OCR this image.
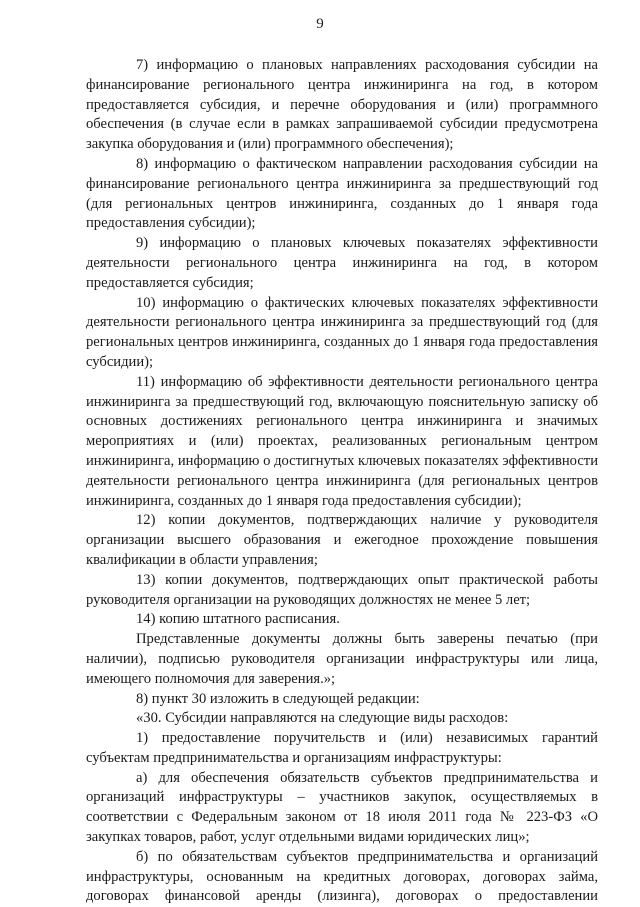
9

7) информацию о плановых направлениях расходования субсидии на финансирование регионального центра инжиниринга на год, в котором предоставляется субсидия, и перечне оборудования и (или) программного обеспечения (в случае если в рамках запрашиваемой субсидии предусмотрена закупка оборудования и (или) программного обеспечения);

8) информацию о фактическом направлении расходования субсидии на финансирование регионального центра инжиниринга за предшествующий год (для региональных центров инжиниринга, созданных до 1 января года предоставления субсидии);

9) информацию о плановых ключевых показателях эффективности деятельности регионального центра инжиниринга на год, в котором предоставляется субсидия;

10) информацию о фактических ключевых показателях эффективности деятельности регионального центра инжиниринга за предшествующий год (для региональных центров инжиниринга, созданных до 1 января года предоставления субсидии);

11) информацию об эффективности деятельности регионального центра инжиниринга за предшествующий год, включающую пояснительную записку об основных достижениях регионального центра инжиниринга и значимых мероприятиях и (или) проектах, реализованных региональным центром инжиниринга, информацию о достигнутых ключевых показателях эффективности деятельности регионального центра инжиниринга (для региональных центров инжиниринга, созданных до 1 января года предоставления субсидии);

12) копии документов, подтверждающих наличие у руководителя организации высшего образования и ежегодное прохождение повышения квалификации в области управления;

13) копии документов, подтверждающих опыт практической работы руководителя организации на руководящих должностях не менее 5 лет;

14) копию штатного расписания.

Представленные документы должны быть заверены печатью (при наличии), подписью руководителя организации инфраструктуры или лица, имеющего полномочия для заверения.»;

8) пункт 30 изложить в следующей редакции:

«30. Субсидии направляются на следующие виды расходов:

1) предоставление поручительств и (или) независимых гарантий субъектам предпринимательства и организациям инфраструктуры:

а) для обеспечения обязательств субъектов предпринимательства и организаций инфраструктуры – участников закупок, осуществляемых в соответствии с Федеральным законом от 18 июля 2011 года № 223-ФЗ «О закупках товаров, работ, услуг отдельными видами юридических лиц»;

б) по обязательствам субъектов предпринимательства и организаций инфраструктуры, основанным на кредитных договорах, договорах займа, договорах финансовой аренды (лизинга), договорах о предоставлении
